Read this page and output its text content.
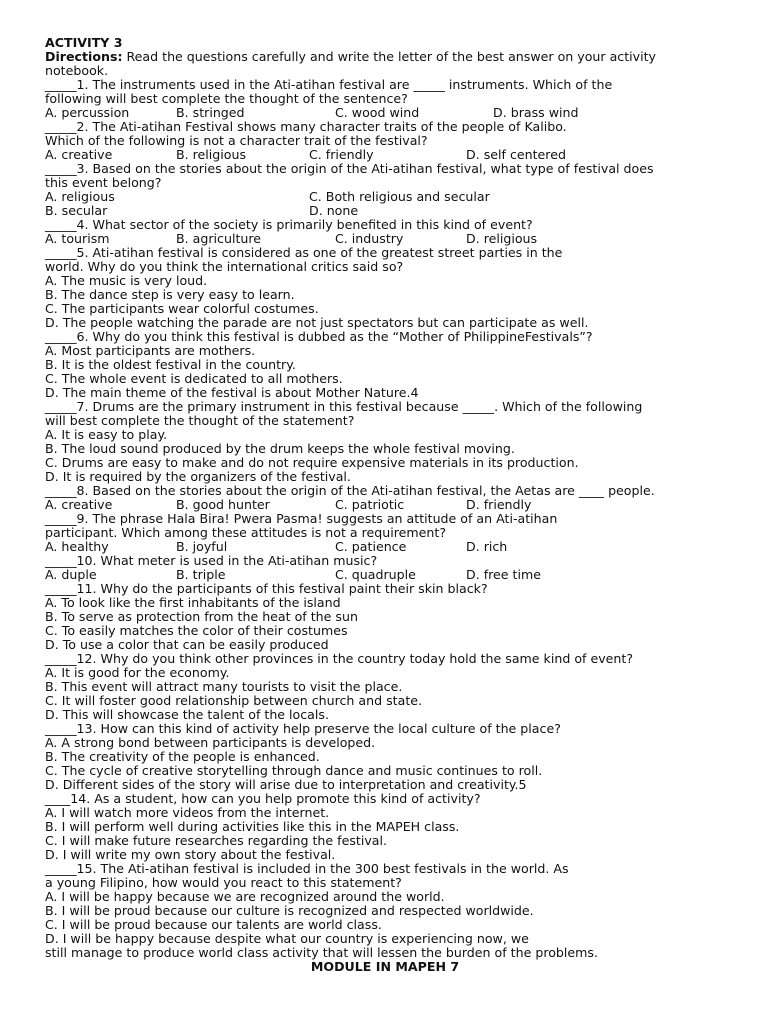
ACTIVITY 3
Directions: Read the questions carefully and write the letter of the best answer on your activity
notebook.
_____1. The instruments used in the Ati-atihan festival are _____ instruments. Which of the
following will best complete the thought of the sentence?

A. percussion

	B. stringed

	C. wood wind

	D. brass wind

_____2. The Ati-atihan Festival shows many character traits of the people of Kalibo.
Which of the following is not a character trait of the festival?

A. creative

	B. religious

	C. friendly

	D. self centered

_____3. Based on the stories about the origin of the Ati-atihan festival, what type of festival does
this event belong?

A. religious

	C. Both religious and secular

B. secular

	D. none

_____4. What sector of the society is primarily benefited in this kind of event?

A. tourism

	B. agriculture

	C. industry

	D. religious

_____5. Ati-atihan festival is considered as one of the greatest street parties in the
world. Why do you think the international critics said so?
A. The music is very loud.
B. The dance step is very easy to learn.
C. The participants wear colorful costumes.
D. The people watching the parade are not just spectators but can participate as well.
_____6. Why do you think this festival is dubbed as the “Mother of PhilippineFestivals”?
A. Most participants are mothers.
B. It is the oldest festival in the country.
C. The whole event is dedicated to all mothers.
D. The main theme of the festival is about Mother Nature.4
_____7. Drums are the primary instrument in this festival because _____. Which of the following
will best complete the thought of the statement?
A. It is easy to play.
B. The loud sound produced by the drum keeps the whole festival moving.
C. Drums are easy to make and do not require expensive materials in its production.
D. It is required by the organizers of the festival.
_____8. Based on the stories about the origin of the Ati-atihan festival, the Aetas are ____ people.

A. creative

	B. good hunter

	C. patriotic

	D. friendly

_____9. The phrase Hala Bira! Pwera Pasma! suggests an attitude of an Ati-atihan
participant. Which among these attitudes is not a requirement?

A. healthy

	B. joyful

	C. patience

	D. rich

_____10. What meter is used in the Ati-atihan music?

A. duple

	B. triple

	C. quadruple

	D. free time

_____11. Why do the participants of this festival paint their skin black?
A. To look like the first inhabitants of the island
B. To serve as protection from the heat of the sun
C. To easily matches the color of their costumes
D. To use a color that can be easily produced
_____12. Why do you think other provinces in the country today hold the same kind of event?
A. It is good for the economy.
B. This event will attract many tourists to visit the place.
C. It will foster good relationship between church and state.
D. This will showcase the talent of the locals.
_____13. How can this kind of activity help preserve the local culture of the place?
A. A strong bond between participants is developed.
B. The creativity of the people is enhanced.
C. The cycle of creative storytelling through dance and music continues to roll.
D. Different sides of the story will arise due to interpretation and creativity.5
____14. As a student, how can you help promote this kind of activity?
A. I will watch more videos from the internet.
B. I will perform well during activities like this in the MAPEH class.
C. I will make future researches regarding the festival.
D. I will write my own story about the festival.
_____15. The Ati-atihan festival is included in the 300 best festivals in the world. As
a young Filipino, how would you react to this statement?
A. I will be happy because we are recognized around the world.
B. I will be proud because our culture is recognized and respected worldwide.
C. I will be proud because our talents are world class.
D. I will be happy because despite what our country is experiencing now, we
still manage to produce world class activity that will lessen the burden of the problems.
MODULE IN MAPEH 7
